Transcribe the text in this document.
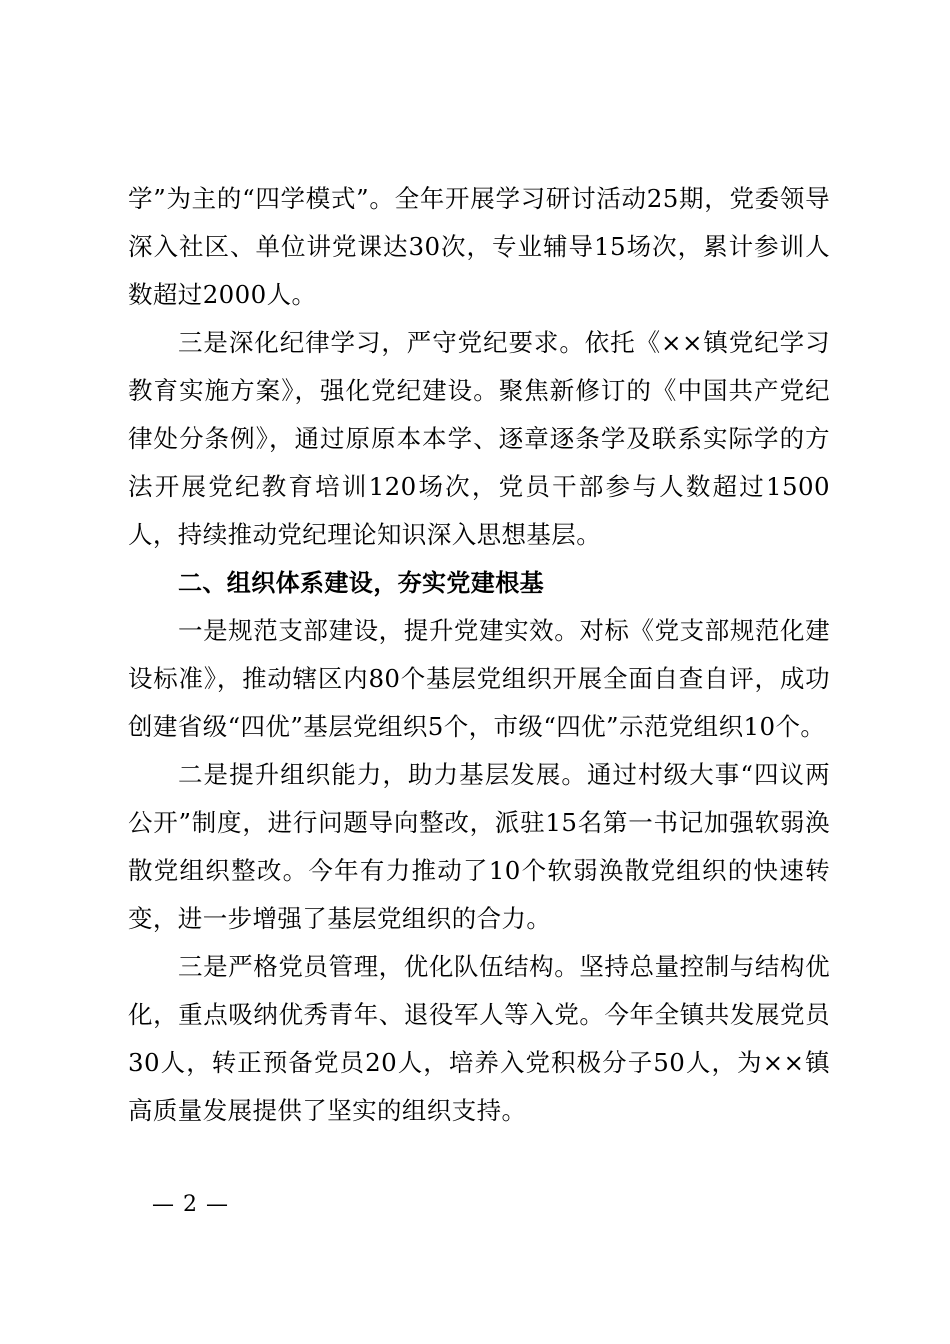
学”为主的“四学模式”。全年开展学习研讨活动25期，党委领导深入社区、单位讲党课达30次，专业辅导15场次，累计参训人数超过2000人。

三是深化纪律学习，严守党纪要求。依托《××镇党纪学习教育实施方案》，强化党纪建设。聚焦新修订的《中国共产党纪律处分条例》，通过原原本本学、逐章逐条学及联系实际学的方法开展党纪教育培训120场次，党员干部参与人数超过1500人，持续推动党纪理论知识深入思想基层。

二、组织体系建设，夯实党建根基

一是规范支部建设，提升党建实效。对标《党支部规范化建设标准》，推动辖区内80个基层党组织开展全面自查自评，成功创建省级“四优”基层党组织5个，市级“四优”示范党组织10个。

二是提升组织能力，助力基层发展。通过村级大事“四议两公开”制度，进行问题导向整改，派驻15名第一书记加强软弱涣散党组织整改。今年有力推动了10个软弱涣散党组织的快速转变，进一步增强了基层党组织的合力。

三是严格党员管理，优化队伍结构。坚持总量控制与结构优化，重点吸纳优秀青年、退役军人等入党。今年全镇共发展党员30人，转正预备党员20人，培养入党积极分子50人，为××镇高质量发展提供了坚实的组织支持。

— 2 —
